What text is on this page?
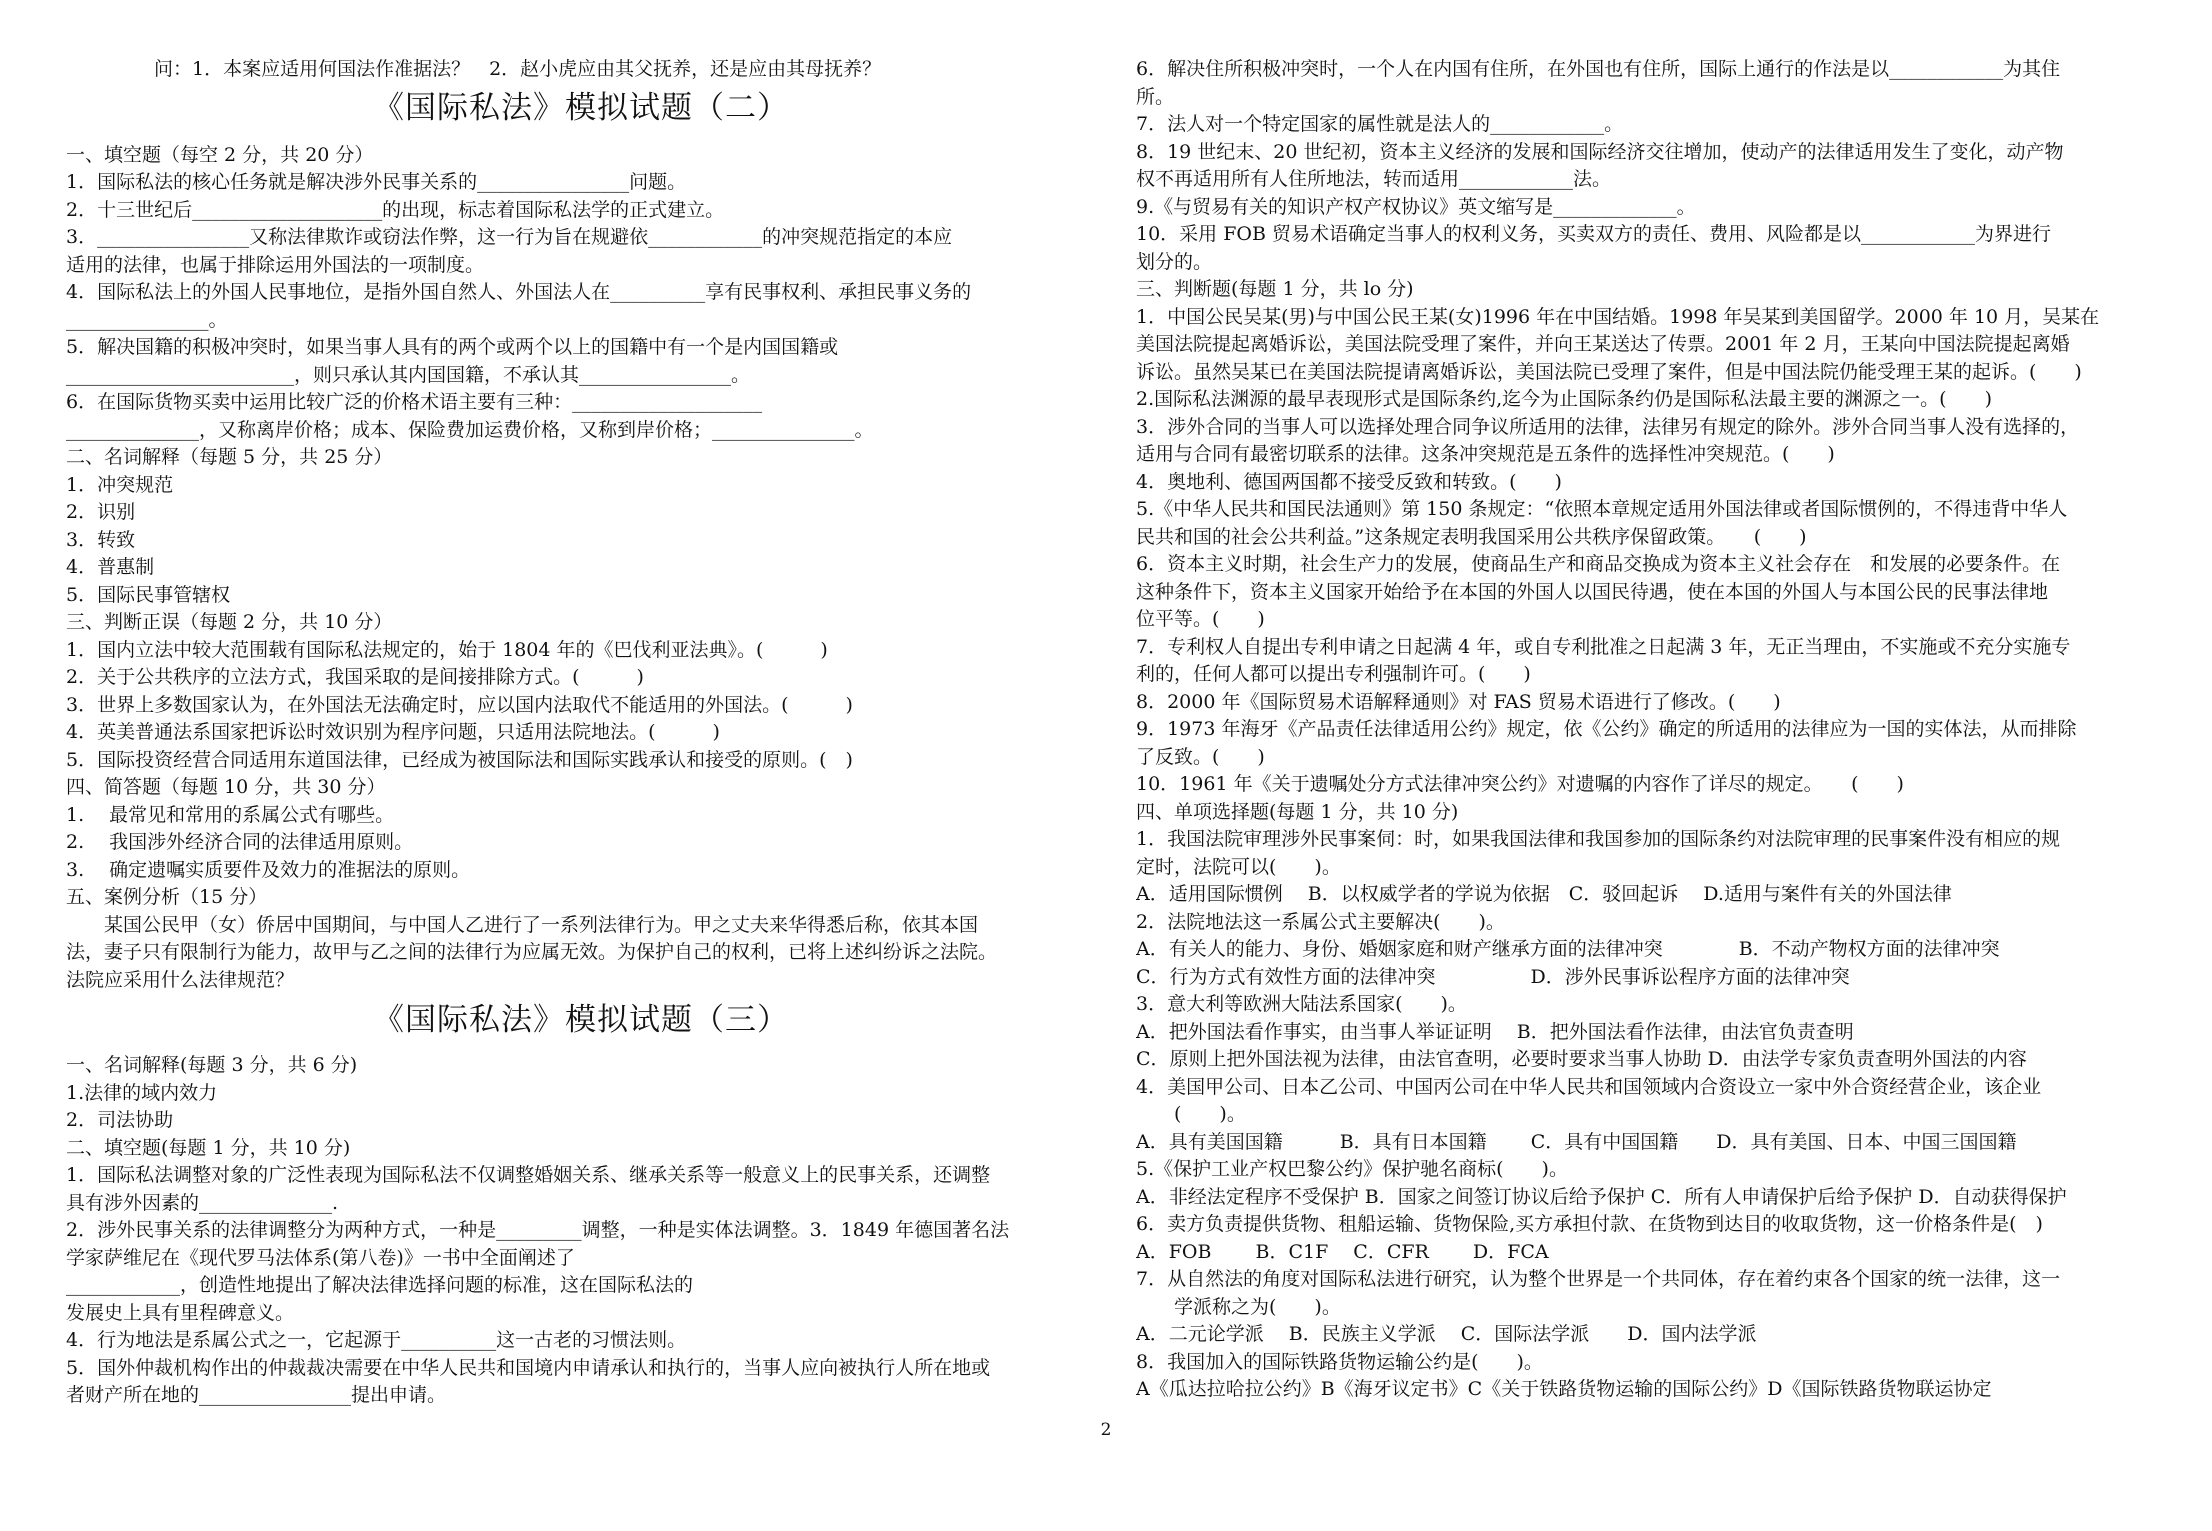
问：1．本案应适用何国法作准据法？　2．赵小虎应由其父抚养，还是应由其母抚养？
《国际私法》模拟试题（二）
一、填空题（每空 2 分，共 20 分）
1．国际私法的核心任务就是解决涉外民事关系的________________问题。
2．十三世纪后____________________的出现，标志着国际私法学的正式建立。
3．________________又称法律欺诈或窃法作弊，这一行为旨在规避依____________的冲突规范指定的本应
适用的法律，也属于排除运用外国法的一项制度。
4．国际私法上的外国人民事地位，是指外国自然人、外国法人在__________享有民事权利、承担民事义务的
_______________。
5．解决国籍的积极冲突时，如果当事人具有的两个或两个以上的国籍中有一个是内国国籍或
________________________，则只承认其内国国籍，不承认其________________。
6．在国际货物买卖中运用比较广泛的价格术语主要有三种：____________________
______________，又称离岸价格；成本、保险费加运费价格，又称到岸价格；_______________。
二、名词解释（每题 5 分，共 25 分）
1．冲突规范
2．识别
3．转致
4．普惠制
5．国际民事管辖权
三、判断正误（每题 2 分，共 10 分）
1．国内立法中较大范围载有国际私法规定的，始于 1804 年的《巴伐利亚法典》。(　　　)
2．关于公共秩序的立法方式，我国采取的是间接排除方式。(　　　)
3．世界上多数国家认为，在外国法无法确定时，应以国内法取代不能适用的外国法。(　　　)
4．英美普通法系国家把诉讼时效识别为程序问题，只适用法院地法。(　　　)
5．国际投资经营合同适用东道国法律，已经成为被国际法和国际实践承认和接受的原则。(　)
四、简答题（每题 10 分，共 30 分）
1.　 最常见和常用的系属公式有哪些。
2.　 我国涉外经济合同的法律适用原则。
3.　 确定遗嘱实质要件及效力的准据法的原则。
五、案例分析（15 分）
　　某国公民甲（女）侨居中国期间，与中国人乙进行了一系列法律行为。甲之丈夫来华得悉后称，依其本国
法，妻子只有限制行为能力，故甲与乙之间的法律行为应属无效。为保护自己的权利，已将上述纠纷诉之法院。
法院应采用什么法律规范？
《国际私法》模拟试题（三）
一、名词解释(每题 3 分，共 6 分)
1.法律的域内效力
2．司法协助
二、填空题(每题 1 分，共 10 分)
1．国际私法调整对象的广泛性表现为国际私法不仅调整婚姻关系、继承关系等一般意义上的民事关系，还调整
具有涉外因素的______________.
2．涉外民事关系的法律调整分为两种方式，一种是_________调整，一种是实体法调整。3．1849 年德国著名法
学家萨维尼在《现代罗马法体系(第八卷)》一书中全面阐述了
____________，创造性地提出了解决法律选择问题的标准，这在国际私法的
发展史上具有里程碑意义。
4．行为地法是系属公式之一，它起源于__________这一古老的习惯法则。
5．国外仲裁机构作出的仲裁裁决需要在中华人民共和国境内申请承认和执行的，当事人应向被执行人所在地或
者财产所在地的________________提出申请。
6．解决住所积极冲突时，一个人在内国有住所，在外国也有住所，国际上通行的作法是以____________为其住
所。
7．法人对一个特定国家的属性就是法人的____________。
8．19 世纪末、20 世纪初，资本主义经济的发展和国际经济交往增加，使动产的法律适用发生了变化，动产物
权不再适用所有人住所地法，转而适用____________法。
9.《与贸易有关的知识产权产权协议》英文缩写是_____________。
10．采用 FOB 贸易术语确定当事人的权利义务，买卖双方的责任、费用、风险都是以____________为界进行
划分的。
三、判断题(每题 1 分，共 lo 分)
1．中国公民吴某(男)与中国公民王某(女)1996 年在中国结婚。1998 年吴某到美国留学。2000 年 10 月，吴某在
美国法院提起离婚诉讼，美国法院受理了案件，并向王某送达了传票。2001 年 2 月，王某向中国法院提起离婚
诉讼。虽然吴某已在美国法院提请离婚诉讼，美国法院已受理了案件，但是中国法院仍能受理王某的起诉。(　　)
2.国际私法渊源的最早表现形式是国际条约,迄今为止国际条约仍是国际私法最主要的渊源之一。(　　)
3．涉外合同的当事人可以选择处理合同争议所适用的法律，法律另有规定的除外。涉外合同当事人没有选择的，
适用与合同有最密切联系的法律。这条冲突规范是五条件的选择性冲突规范。(　　)
4．奥地利、德国两国都不接受反致和转致。(　　)
5.《中华人民共和国民法通则》第 150 条规定：“依照本章规定适用外国法律或者国际惯例的，不得违背中华人
民共和国的社会公共利益。”这条规定表明我国采用公共秩序保留政策。　　(　　)
6．资本主义时期，社会生产力的发展，使商品生产和商品交换成为资本主义社会存在　和发展的必要条件。在
这种条件下，资本主义国家开始给予在本国的外国人以国民待遇，使在本国的外国人与本国公民的民事法律地
位平等。(　　)
7．专利权人自提出专利申请之日起满 4 年，或自专利批准之日起满 3 年，无正当理由，不实施或不充分实施专
利的，任何人都可以提出专利强制许可。(　　)
8．2000 年《国际贸易术语解释通则》对 FAS 贸易术语进行了修改。(　　)
9．1973 年海牙《产品责任法律适用公约》规定，依《公约》确定的所适用的法律应为一国的实体法，从而排除
了反致。(　　)
10．1961 年《关于遗嘱处分方式法律冲突公约》对遗嘱的内容作了详尽的规定。　　(　　)
四、单项选择题(每题 1 分，共 10 分)
1．我国法院审理涉外民事案伺：时，如果我国法律和我国参加的国际条约对法院审理的民事案件没有相应的规
定时，法院可以(　　)。
A．适用国际惯例　 B．以权威学者的学说为依据　C．驳回起诉　 D.适用与案件有关的外国法律
2．法院地法这一系属公式主要解决(　　)。
A．有关人的能力、身份、婚姻家庭和财产继承方面的法律冲突　　　　B．不动产物权方面的法律冲突
C．行为方式有效性方面的法律冲突　　　　　D．涉外民事诉讼程序方面的法律冲突
3．意大利等欧洲大陆法系国家(　　)。
A．把外国法看作事实，由当事人举证证明　 B．把外国法看作法律，由法官负责查明
C．原则上把外国法视为法律，由法官查明，必要时要求当事人协助 D．由法学专家负责查明外国法的内容
4．美国甲公司、日本乙公司、中国丙公司在中华人民共和国领域内合资设立一家中外合资经营企业，该企业
　　(　　)。
A．具有美国国籍　　　B．具有日本国籍　　 C．具有中国国籍　　D．具有美国、日本、中国三国国籍
5.《保护工业产权巴黎公约》保护驰名商标(　　)。
A．非经法定程序不受保护 B．国家之间签订协议后给予保护 C．所有人申请保护后给予保护 D．自动获得保护
6．卖方负责提供货物、租船运输、货物保险,买方承担付款、在货物到达目的收取货物，这一价格条件是(　)
A．FOB　　 B．C1F　 C．CFR　　 D．FCA
7．从自然法的角度对国际私法进行研究，认为整个世界是一个共同体，存在着约束各个国家的统一法律，这一
　　学派称之为(　　)。
A．二元论学派　 B．民族主义学派　 C．国际法学派　　D．国内法学派
8．我国加入的国际铁路货物运输公约是(　　)。
A《瓜达拉哈拉公约》B《海牙议定书》C《关于铁路货物运输的国际公约》D《国际铁路货物联运协定
2
